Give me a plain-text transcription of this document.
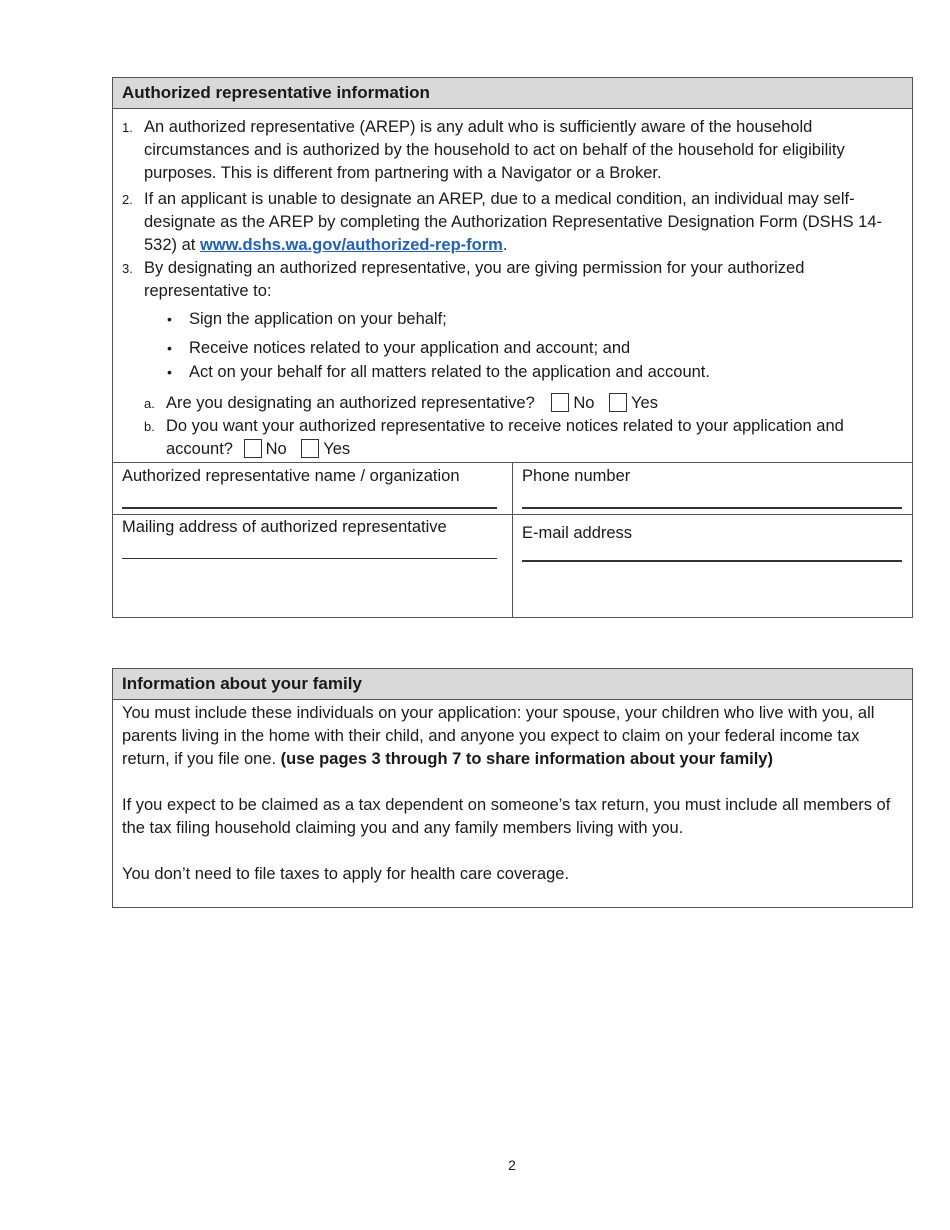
Authorized representative information
1. An authorized representative (AREP) is any adult who is sufficiently aware of the household circumstances and is authorized by the household to act on behalf of the household for eligibility purposes. This is different from partnering with a Navigator or a Broker.
2. If an applicant is unable to designate an AREP, due to a medical condition, an individual may self-designate as the AREP by completing the Authorization Representative Designation Form (DSHS 14-532) at www.dshs.wa.gov/authorized-rep-form.
3. By designating an authorized representative, you are giving permission for your authorized representative to:
• Sign the application on your behalf;
• Receive notices related to your application and account; and
• Act on your behalf for all matters related to the application and account.
a. Are you designating an authorized representative? No Yes
b. Do you want your authorized representative to receive notices related to your application and account? No Yes
Authorized representative name / organization	Phone number
Mailing address of authorized representative	E-mail address
Information about your family

You must include these individuals on your application: your spouse, your children who live with you, all parents living in the home with their child, and anyone you expect to claim on your federal income tax return, if you file one. (use pages 3 through 7 to share information about your family)

If you expect to be claimed as a tax dependent on someone’s tax return, you must include all members of the tax filing household claiming you and any family members living with you.

You don’t need to file taxes to apply for health care coverage.

2
